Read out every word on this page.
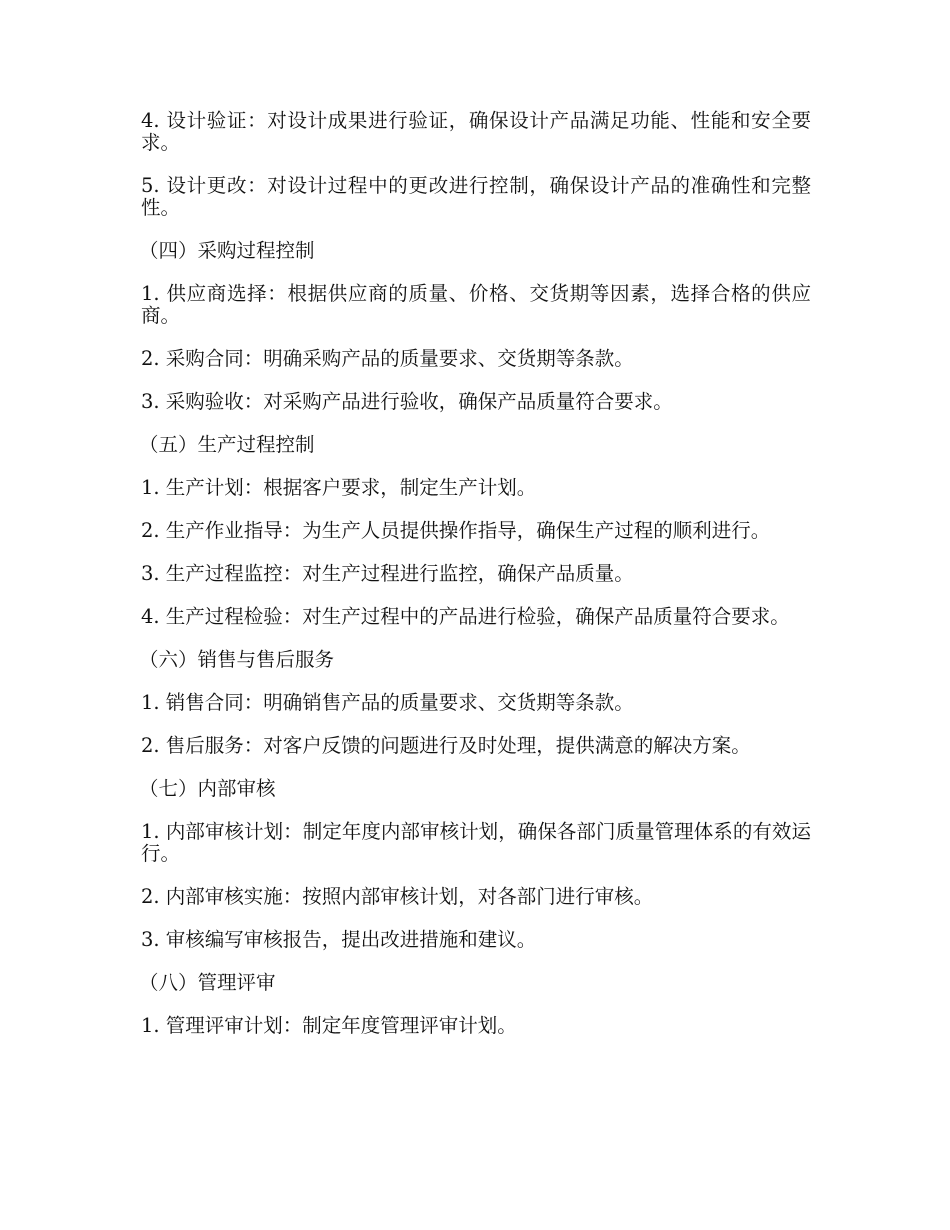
4. 设计验证：对设计成果进行验证，确保设计产品满足功能、性能和安全要求。

5. 设计更改：对设计过程中的更改进行控制，确保设计产品的准确性和完整性。

（四）采购过程控制

1. 供应商选择：根据供应商的质量、价格、交货期等因素，选择合格的供应商。

2. 采购合同：明确采购产品的质量要求、交货期等条款。

3. 采购验收：对采购产品进行验收，确保产品质量符合要求。

（五）生产过程控制

1. 生产计划：根据客户要求，制定生产计划。

2. 生产作业指导：为生产人员提供操作指导，确保生产过程的顺利进行。

3. 生产过程监控：对生产过程进行监控，确保产品质量。

4. 生产过程检验：对生产过程中的产品进行检验，确保产品质量符合要求。

（六）销售与售后服务

1. 销售合同：明确销售产品的质量要求、交货期等条款。

2. 售后服务：对客户反馈的问题进行及时处理，提供满意的解决方案。

（七）内部审核

1. 内部审核计划：制定年度内部审核计划，确保各部门质量管理体系的有效运行。

2. 内部审核实施：按照内部审核计划，对各部门进行审核。

3. 审核编写审核报告，提出改进措施和建议。

（八）管理评审

1. 管理评审计划：制定年度管理评审计划。
